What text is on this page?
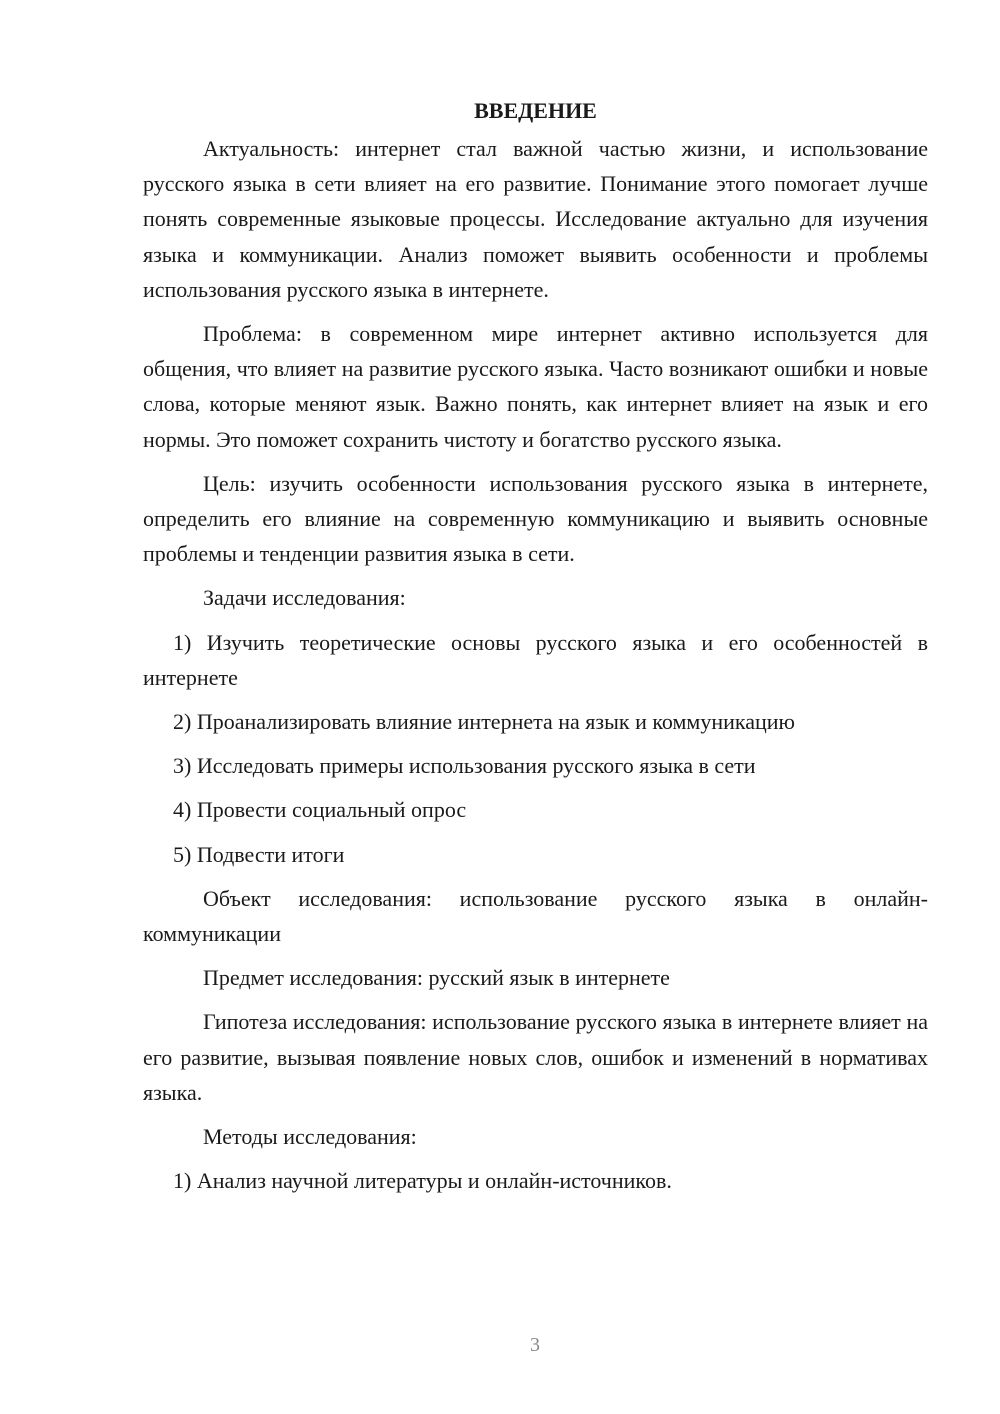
ВВЕДЕНИЕ

Актуальность: интернет стал важной частью жизни, и использование русского языка в сети влияет на его развитие. Понимание этого помогает лучше понять современные языковые процессы. Исследование актуально для изучения языка и коммуникации. Анализ поможет выявить особенности и проблемы использования русского языка в интернете.

Проблема: в современном мире интернет активно используется для общения, что влияет на развитие русского языка. Часто возникают ошибки и новые слова, которые меняют язык. Важно понять, как интернет влияет на язык и его нормы. Это поможет сохранить чистоту и богатство русского языка.

Цель: изучить особенности использования русского языка в интернете, определить его влияние на современную коммуникацию и выявить основные проблемы и тенденции развития языка в сети.

Задачи исследования:

1) Изучить теоретические основы русского языка и его особенностей в интернете

2) Проанализировать влияние интернета на язык и коммуникацию

3) Исследовать примеры использования русского языка в сети

4) Провести социальный опрос

5) Подвести итоги

Объект исследования: использование русского языка в онлайн-коммуникации

Предмет исследования: русский язык в интернете

Гипотеза исследования: использование русского языка в интернете влияет на его развитие, вызывая появление новых слов, ошибок и изменений в нормативах языка.

Методы исследования:

1) Анализ научной литературы и онлайн-источников.

3
